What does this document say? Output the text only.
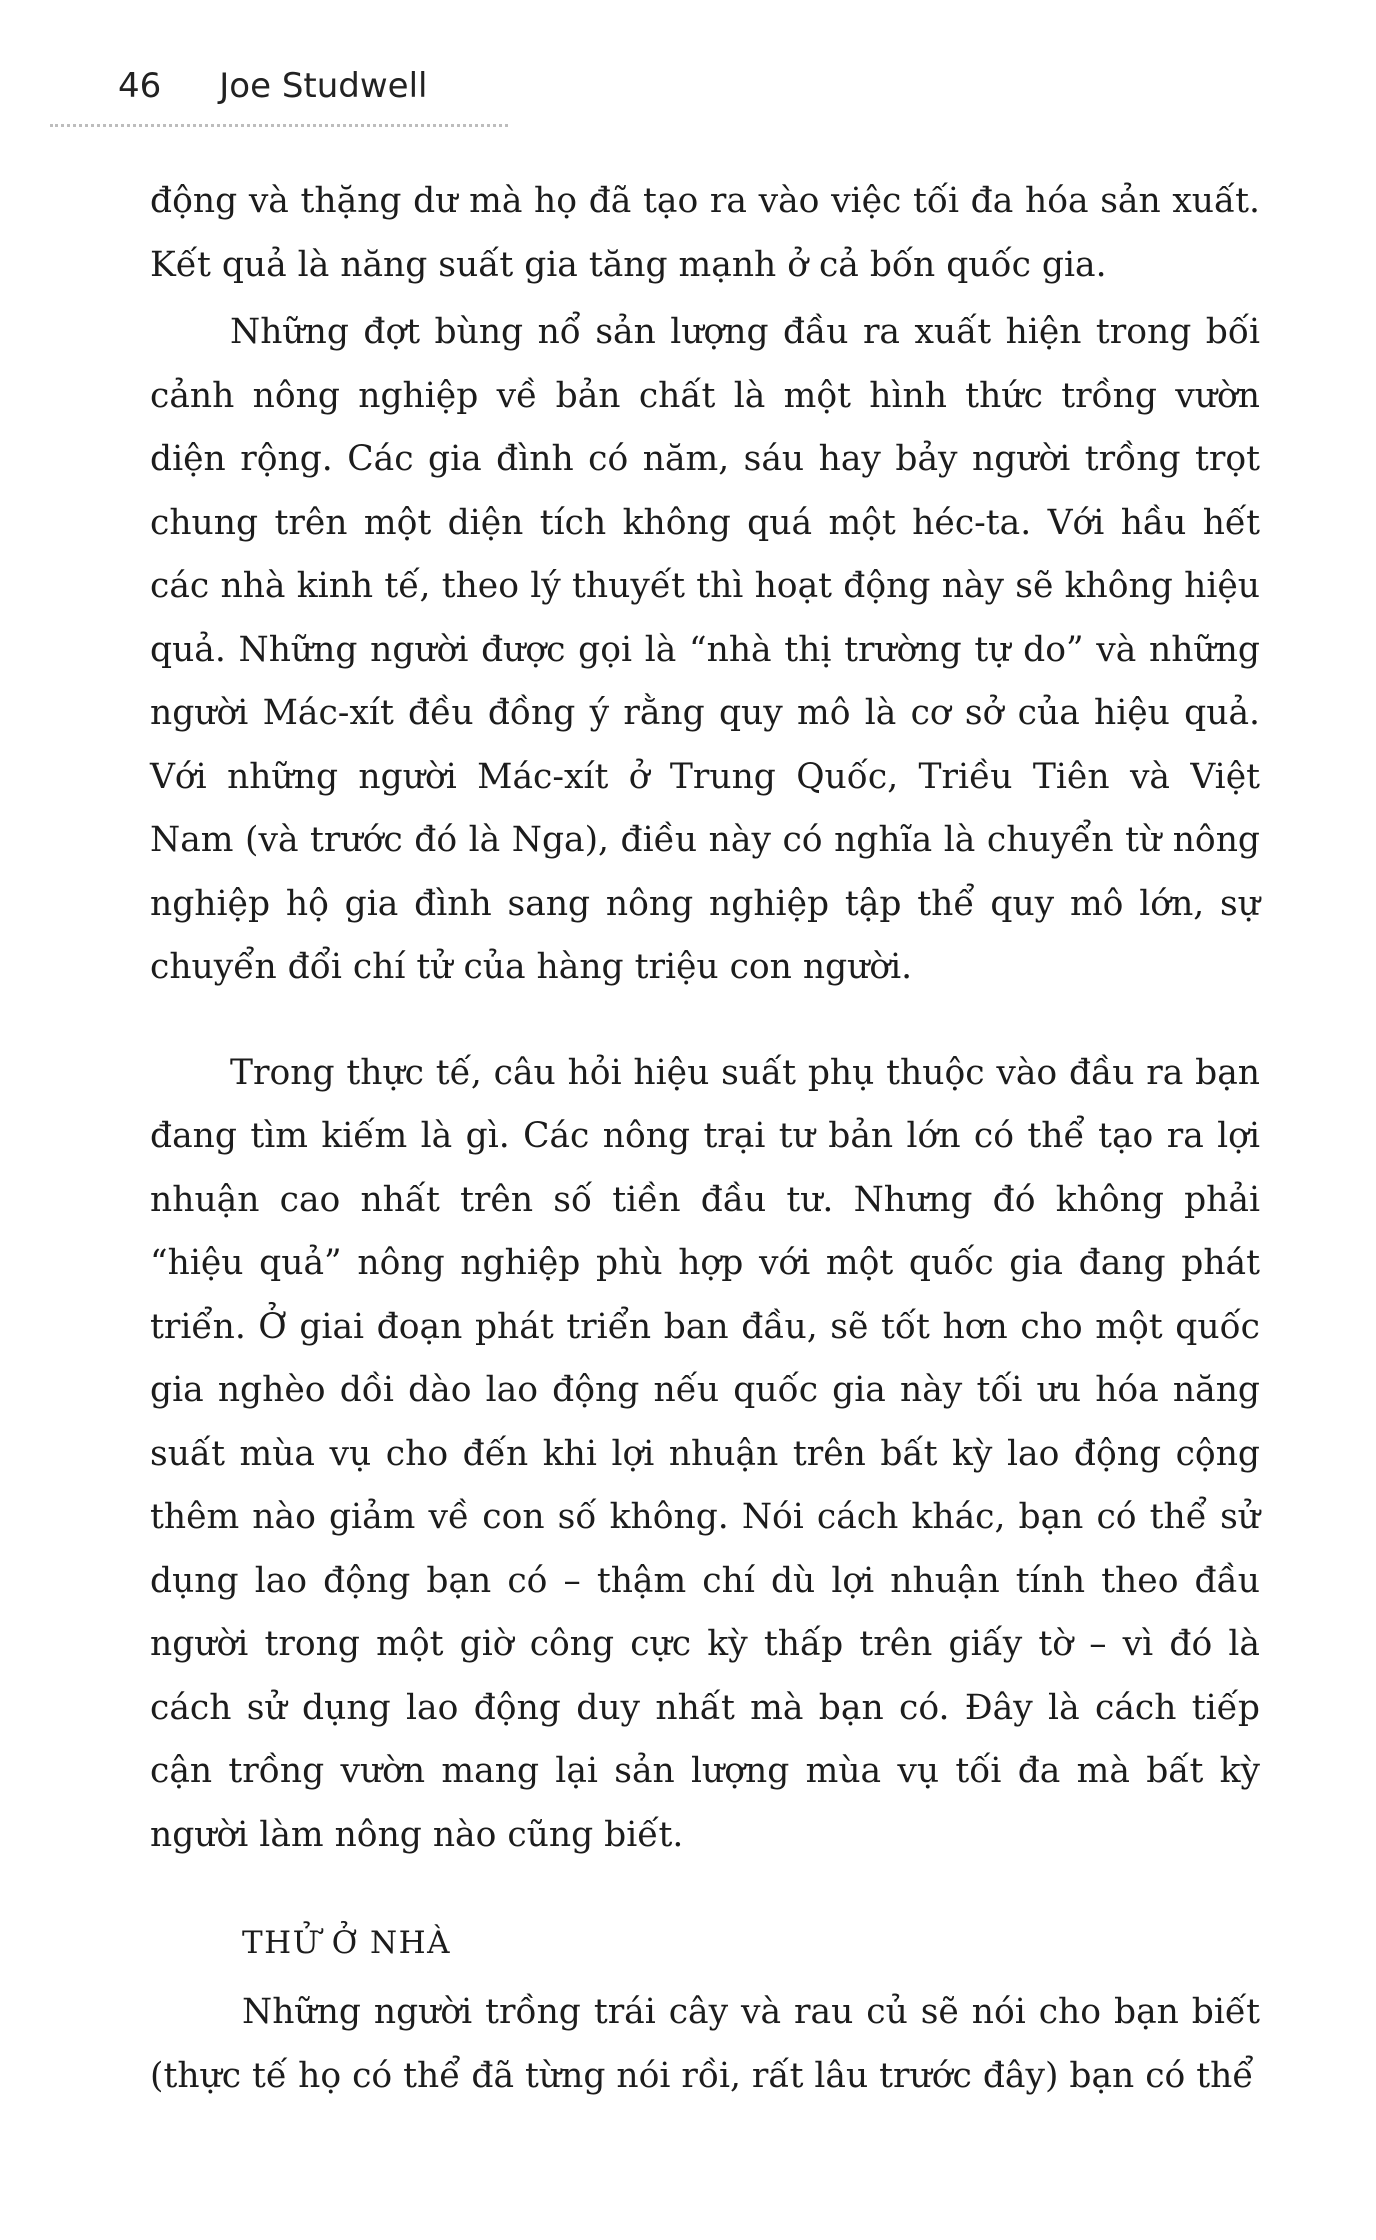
46 Joe Studwell

động và thặng dư mà họ đã tạo ra vào việc tối đa hóa sản xuất. Kết quả là năng suất gia tăng mạnh ở cả bốn quốc gia.

Những đợt bùng nổ sản lượng đầu ra xuất hiện trong bối cảnh nông nghiệp về bản chất là một hình thức trồng vườn diện rộng. Các gia đình có năm, sáu hay bảy người trồng trọt chung trên một diện tích không quá một héc-ta. Với hầu hết các nhà kinh tế, theo lý thuyết thì hoạt động này sẽ không hiệu quả. Những người được gọi là “nhà thị trường tự do” và những người Mác-xít đều đồng ý rằng quy mô là cơ sở của hiệu quả. Với những người Mác-xít ở Trung Quốc, Triều Tiên và Việt Nam (và trước đó là Nga), điều này có nghĩa là chuyển từ nông nghiệp hộ gia đình sang nông nghiệp tập thể quy mô lớn, sự chuyển đổi chí tử của hàng triệu con người.

Trong thực tế, câu hỏi hiệu suất phụ thuộc vào đầu ra bạn đang tìm kiếm là gì. Các nông trại tư bản lớn có thể tạo ra lợi nhuận cao nhất trên số tiền đầu tư. Nhưng đó không phải “hiệu quả” nông nghiệp phù hợp với một quốc gia đang phát triển. Ở giai đoạn phát triển ban đầu, sẽ tốt hơn cho một quốc gia nghèo dồi dào lao động nếu quốc gia này tối ưu hóa năng suất mùa vụ cho đến khi lợi nhuận trên bất kỳ lao động cộng thêm nào giảm về con số không. Nói cách khác, bạn có thể sử dụng lao động bạn có – thậm chí dù lợi nhuận tính theo đầu người trong một giờ công cực kỳ thấp trên giấy tờ – vì đó là cách sử dụng lao động duy nhất mà bạn có. Đây là cách tiếp cận trồng vườn mang lại sản lượng mùa vụ tối đa mà bất kỳ người làm nông nào cũng biết.

THỬ Ở NHÀ

Những người trồng trái cây và rau củ sẽ nói cho bạn biết (thực tế họ có thể đã từng nói rồi, rất lâu trước đây) bạn có thể
